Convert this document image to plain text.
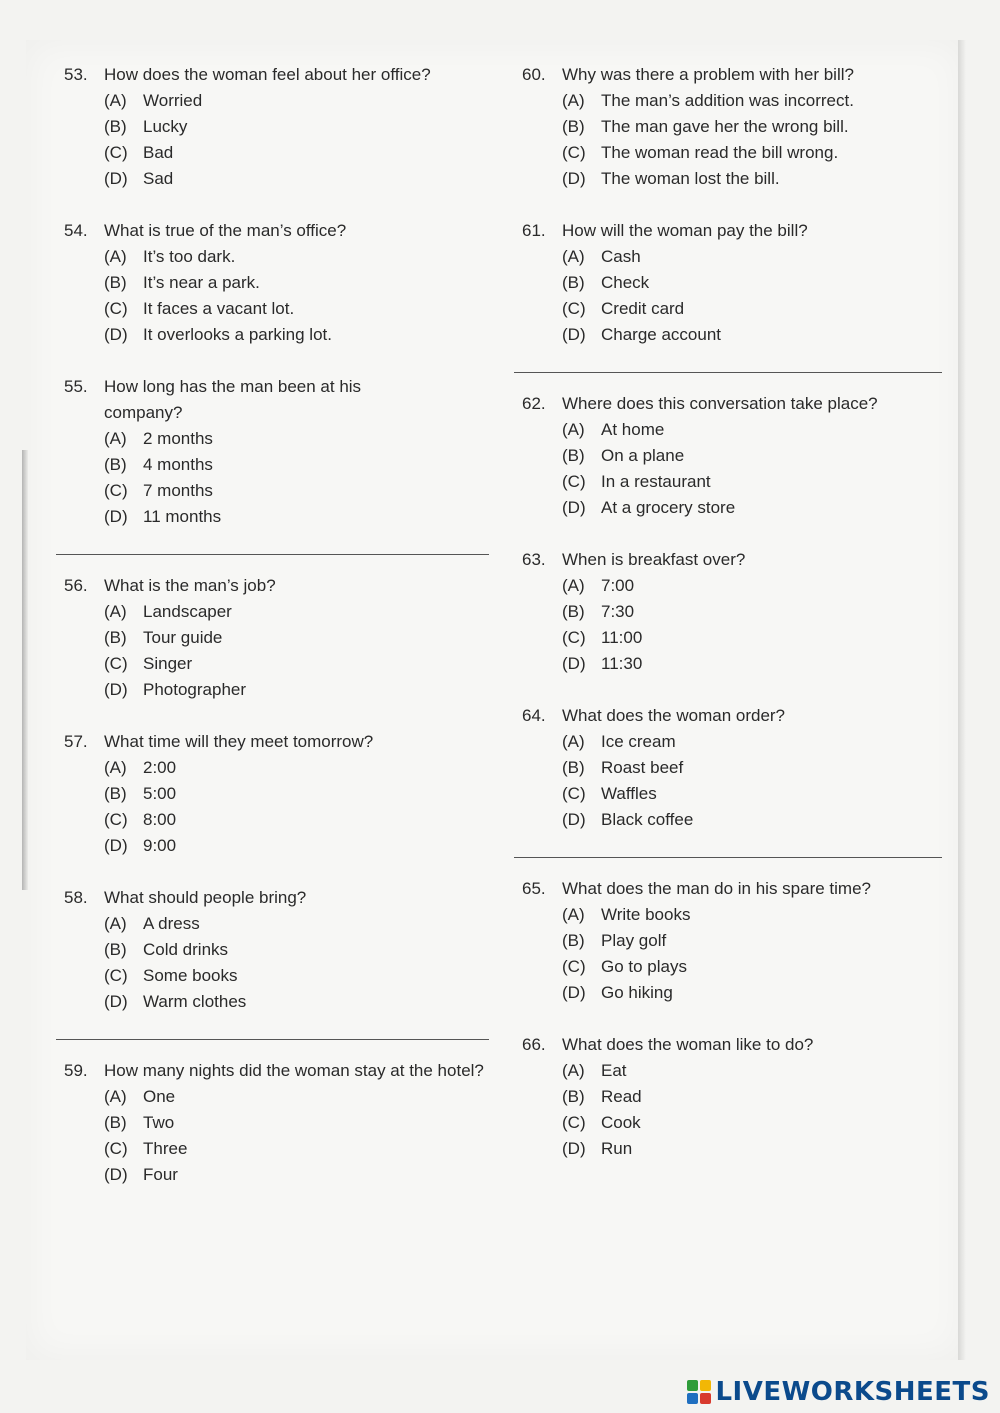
53. How does the woman feel about her office?
(A) Worried
(B) Lucky
(C) Bad
(D) Sad
54. What is true of the man’s office?
(A) It’s too dark.
(B) It’s near a park.
(C) It faces a vacant lot.
(D) It overlooks a parking lot.
55. How long has the man been at his company?
(A) 2 months
(B) 4 months
(C) 7 months
(D) 11 months
56. What is the man’s job?
(A) Landscaper
(B) Tour guide
(C) Singer
(D) Photographer
57. What time will they meet tomorrow?
(A) 2:00
(B) 5:00
(C) 8:00
(D) 9:00
58. What should people bring?
(A) A dress
(B) Cold drinks
(C) Some books
(D) Warm clothes
59. How many nights did the woman stay at the hotel?
(A) One
(B) Two
(C) Three
(D) Four
60. Why was there a problem with her bill?
(A) The man’s addition was incorrect.
(B) The man gave her the wrong bill.
(C) The woman read the bill wrong.
(D) The woman lost the bill.
61. How will the woman pay the bill?
(A) Cash
(B) Check
(C) Credit card
(D) Charge account
62. Where does this conversation take place?
(A) At home
(B) On a plane
(C) In a restaurant
(D) At a grocery store
63. When is breakfast over?
(A) 7:00
(B) 7:30
(C) 11:00
(D) 11:30
64. What does the woman order?
(A) Ice cream
(B) Roast beef
(C) Waffles
(D) Black coffee
65. What does the man do in his spare time?
(A) Write books
(B) Play golf
(C) Go to plays
(D) Go hiking
66. What does the woman like to do?
(A) Eat
(B) Read
(C) Cook
(D) Run
LIVEWORKSHEETS
